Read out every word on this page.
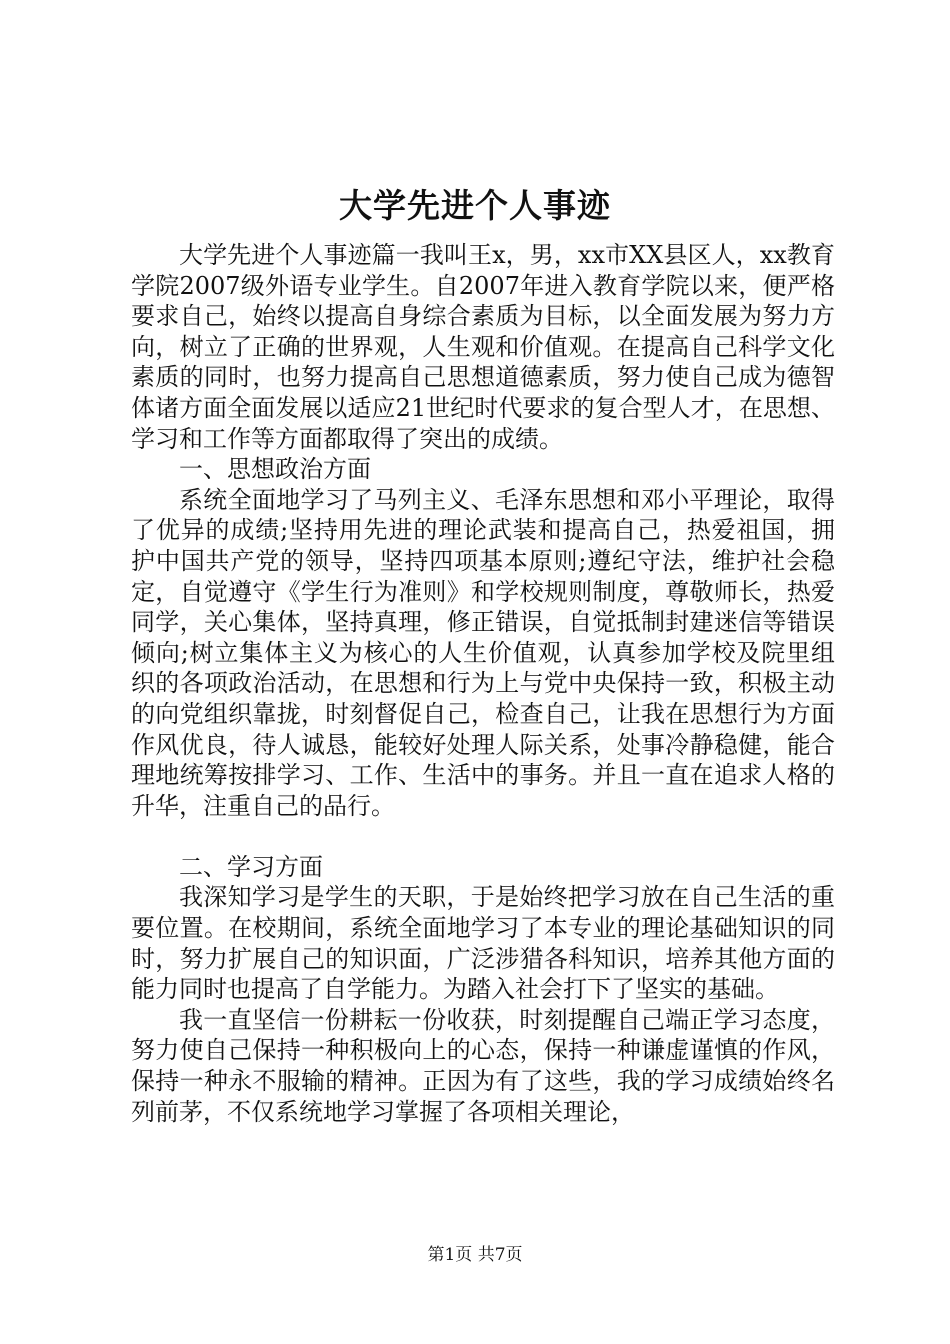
大学先进个人事迹

大学先进个人事迹篇一我叫王x，男，xx市XX县区人，xx教育学院2007级外语专业学生。自2007年进入教育学院以来，便严格要求自己，始终以提高自身综合素质为目标，以全面发展为努力方向，树立了正确的世界观，人生观和价值观。在提高自己科学文化素质的同时，也努力提高自己思想道德素质，努力使自己成为德智体诸方面全面发展以适应21世纪时代要求的复合型人才，在思想、学习和工作等方面都取得了突出的成绩。

一、思想政治方面

系统全面地学习了马列主义、毛泽东思想和邓小平理论，取得了优异的成绩;坚持用先进的理论武装和提高自己，热爱祖国，拥护中国共产党的领导，坚持四项基本原则;遵纪守法，维护社会稳定，自觉遵守《学生行为准则》和学校规则制度，尊敬师长，热爱同学，关心集体，坚持真理，修正错误，自觉抵制封建迷信等错误倾向;树立集体主义为核心的人生价值观，认真参加学校及院里组织的各项政治活动，在思想和行为上与党中央保持一致，积极主动的向党组织靠拢，时刻督促自己，检查自己，让我在思想行为方面作风优良，待人诚恳，能较好处理人际关系，处事冷静稳健，能合理地统筹按排学习、工作、生活中的事务。并且一直在追求人格的升华，注重自己的品行。

二、学习方面

我深知学习是学生的天职，于是始终把学习放在自己生活的重要位置。在校期间，系统全面地学习了本专业的理论基础知识的同时，努力扩展自己的知识面，广泛涉猎各科知识，培养其他方面的能力同时也提高了自学能力。为踏入社会打下了坚实的基础。

我一直坚信一份耕耘一份收获，时刻提醒自己端正学习态度，努力使自己保持一种积极向上的心态，保持一种谦虚谨慎的作风，保持一种永不服输的精神。正因为有了这些，我的学习成绩始终名列前茅，不仅系统地学习掌握了各项相关理论，

第1页 共7页
